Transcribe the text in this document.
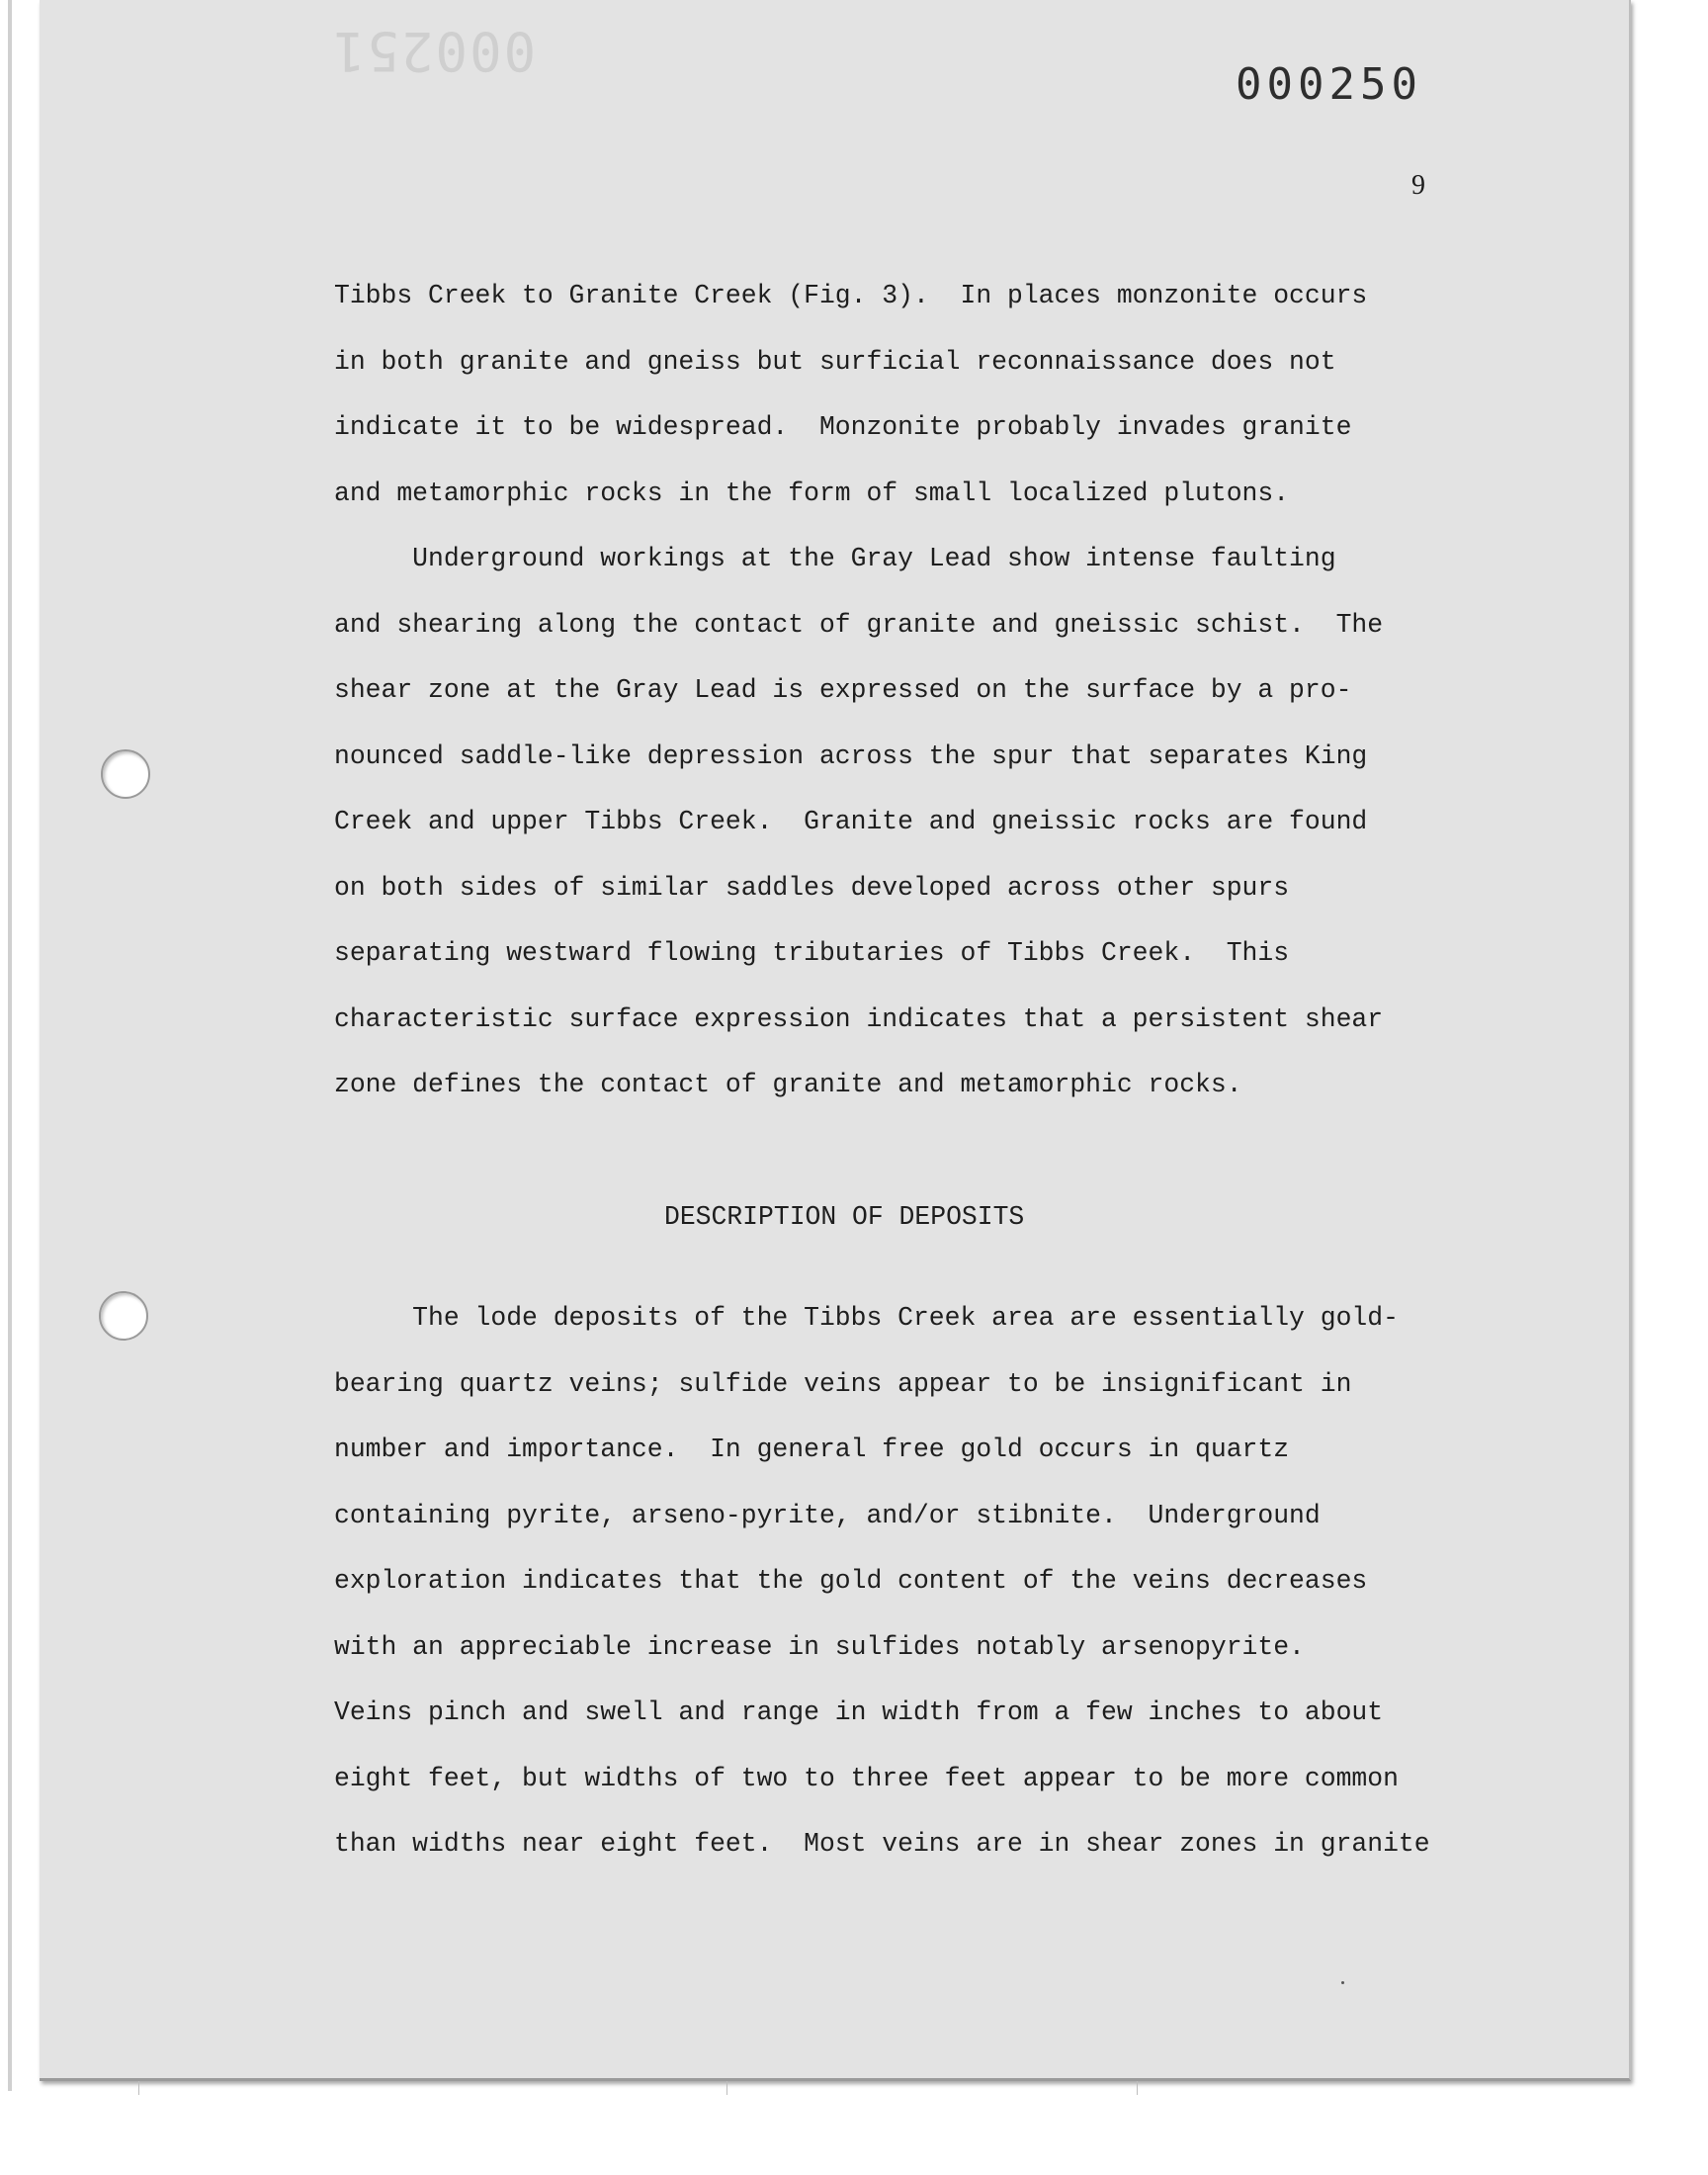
000251
9
Tibbs Creek to Granite Creek (Fig. 3).  In places monzonite occurs
in both granite and gneiss but surficial reconnaissance does not
indicate it to be widespread.  Monzonite probably invades granite
and metamorphic rocks in the form of small localized plutons.
Underground workings at the Gray Lead show intense faulting
and shearing along the contact of granite and gneissic schist.  The
shear zone at the Gray Lead is expressed on the surface by a pro-
nounced saddle-like depression across the spur that separates King
Creek and upper Tibbs Creek.  Granite and gneissic rocks are found
on both sides of similar saddles developed across other spurs
separating westward flowing tributaries of Tibbs Creek.  This
characteristic surface expression indicates that a persistent shear
zone defines the contact of granite and metamorphic rocks.
DESCRIPTION OF DEPOSITS
The lode deposits of the Tibbs Creek area are essentially gold-
bearing quartz veins; sulfide veins appear to be insignificant in
number and importance.  In general free gold occurs in quartz
containing pyrite, arseno-pyrite, and/or stibnite.  Underground
exploration indicates that the gold content of the veins decreases
with an appreciable increase in sulfides notably arsenopyrite.
Veins pinch and swell and range in width from a few inches to about
eight feet, but widths of two to three feet appear to be more common
than widths near eight feet.  Most veins are in shear zones in granite
